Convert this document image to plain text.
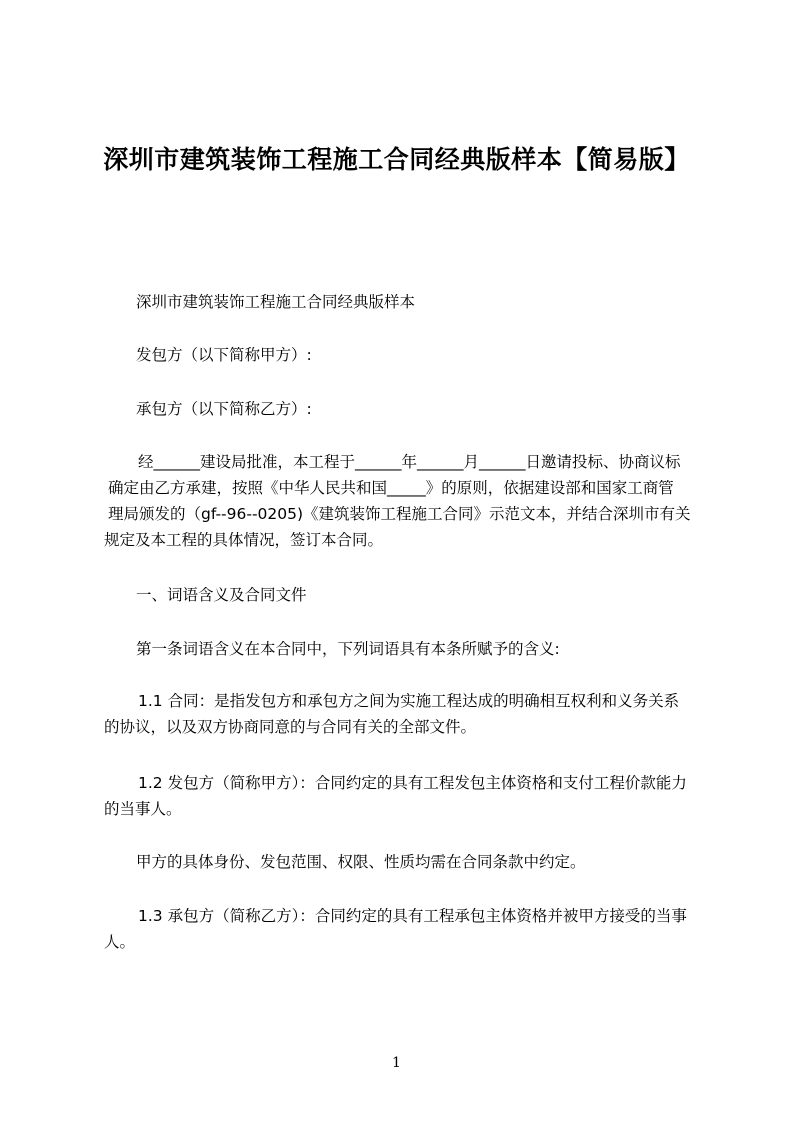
深圳市建筑装饰工程施工合同经典版样本【简易版】
深圳市建筑装饰工程施工合同经典版样本
发包方（以下简称甲方）:
承包方（以下简称乙方）:
经______建设局批准，本工程于______年______月______日邀请投标、协商议标
确定由乙方承建，按照《中华人民共和国_____》的原则，依据建设部和国家工商管
理局颁发的（gf--96--0205)《建筑装饰工程施工合同》示范文本，并结合深圳市有关
规定及本工程的具体情况，签订本合同。
一、词语含义及合同文件
第一条词语含义在本合同中，下列词语具有本条所赋予的含义:
1.1 合同：是指发包方和承包方之间为实施工程达成的明确相互权利和义务关系
的协议，以及双方协商同意的与合同有关的全部文件。
1.2 发包方（简称甲方）：合同约定的具有工程发包主体资格和支付工程价款能力
的当事人。
甲方的具体身份、发包范围、权限、性质均需在合同条款中约定。
1.3 承包方（简称乙方）：合同约定的具有工程承包主体资格并被甲方接受的当事
人。
1
